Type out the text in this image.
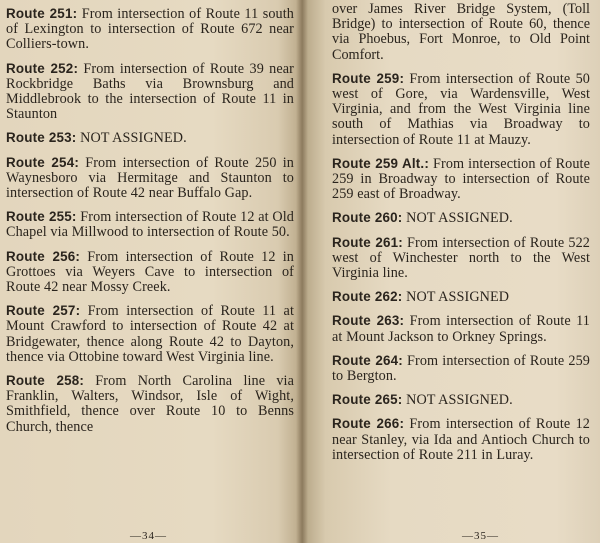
Route 251: From intersection of Route 11 south of Lexington to intersection of Route 672 near Colliers-town.

Route 252: From intersection of Route 39 near Rockbridge Baths via Brownsburg and Middlebrook to the intersection of Route 11 in Staunton

Route 253: NOT ASSIGNED.

Route 254: From intersection of Route 250 in Waynesboro via Hermitage and Staunton to intersection of Route 42 near Buffalo Gap.

Route 255: From intersection of Route 12 at Old Chapel via Millwood to intersection of Route 50.

Route 256: From intersection of Route 12 in Grottoes via Weyers Cave to intersection of Route 42 near Mossy Creek.

Route 257: From intersection of Route 11 at Mount Crawford to intersection of Route 42 at Bridgewater, thence along Route 42 to Dayton, thence via Ottobine toward West Virginia line.

Route 258: From North Carolina line via Franklin, Walters, Windsor, Isle of Wight, Smithfield, thence over Route 10 to Benns Church, thence

—34—

over James River Bridge System, (Toll Bridge) to intersection of Route 60, thence via Phoebus, Fort Monroe, to Old Point Comfort.

Route 259: From intersection of Route 50 west of Gore, via Wardensville, West Virginia, and from the West Virginia line south of Mathias via Broadway to intersection of Route 11 at Mauzy.

Route 259 Alt.: From intersection of Route 259 in Broadway to intersection of Route 259 east of Broadway.

Route 260: NOT ASSIGNED.

Route 261: From intersection of Route 522 west of Winchester north to the West Virginia line.

Route 262: NOT ASSIGNED

Route 263: From intersection of Route 11 at Mount Jackson to Orkney Springs.

Route 264: From intersection of Route 259 to Bergton.

Route 265: NOT ASSIGNED.

Route 266: From intersection of Route 12 near Stanley, via Ida and Antioch Church to intersection of Route 211 in Luray.

—35—
